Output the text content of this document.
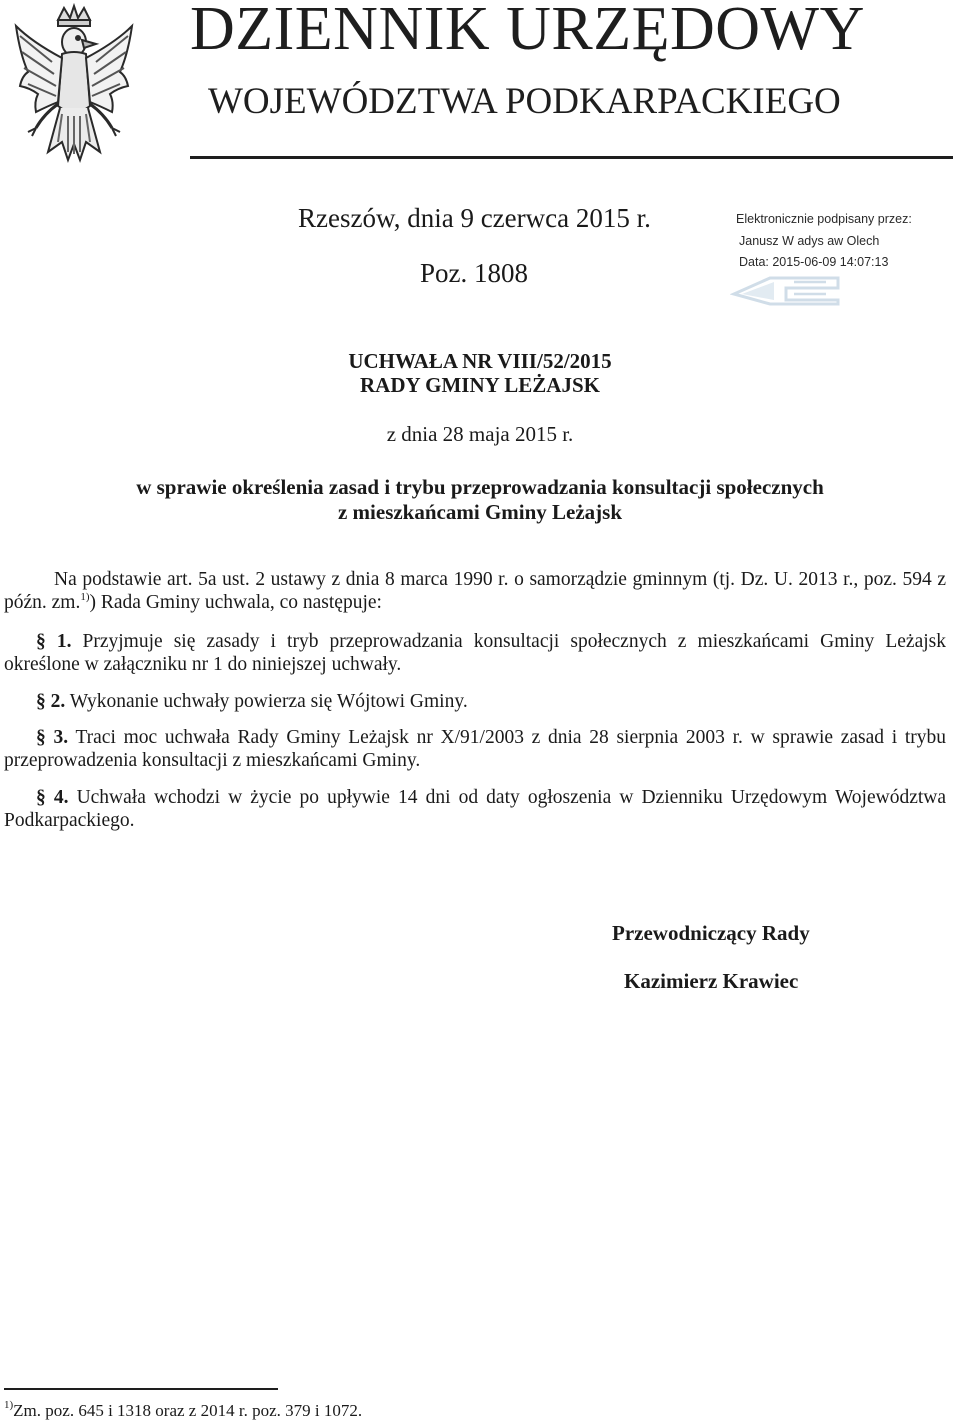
DZIENNIK URZĘDOWY
WOJEWÓDZTWA PODKARPACKIEGO
Rzeszów, dnia 9 czerwca 2015 r.
Poz. 1808
Elektronicznie podpisany przez:
Janusz W adys aw Olech
Data: 2015-06-09 14:07:13
UCHWAŁA NR VIII/52/2015
RADY GMINY LEŻAJSK
z dnia 28 maja 2015 r.
w sprawie określenia zasad i trybu przeprowadzania konsultacji społecznych
z mieszkańcami Gminy Leżajsk
Na podstawie art. 5a ust. 2 ustawy z dnia 8 marca 1990 r. o samorządzie gminnym (tj. Dz. U. 2013 r., poz. 594 z późn. zm.$^{1)}$) Rada Gminy uchwala, co następuje:
§ 1. Przyjmuje się zasady i tryb przeprowadzania konsultacji społecznych z mieszkańcami Gminy Leżajsk określone w załączniku nr 1 do niniejszej uchwały.
§ 2. Wykonanie uchwały powierza się Wójtowi Gminy.
§ 3. Traci moc uchwała Rady Gminy Leżajsk nr X/91/2003 z dnia 28 sierpnia 2003 r. w sprawie zasad i trybu przeprowadzenia konsultacji z mieszkańcami Gminy.
§ 4. Uchwała wchodzi w życie po upływie 14 dni od daty ogłoszenia w Dzienniku Urzędowym Województwa Podkarpackiego.
Przewodniczący Rady
Kazimierz Krawiec
$^{1)}$Zm. poz. 645 i 1318 oraz z 2014 r. poz. 379 i 1072.
